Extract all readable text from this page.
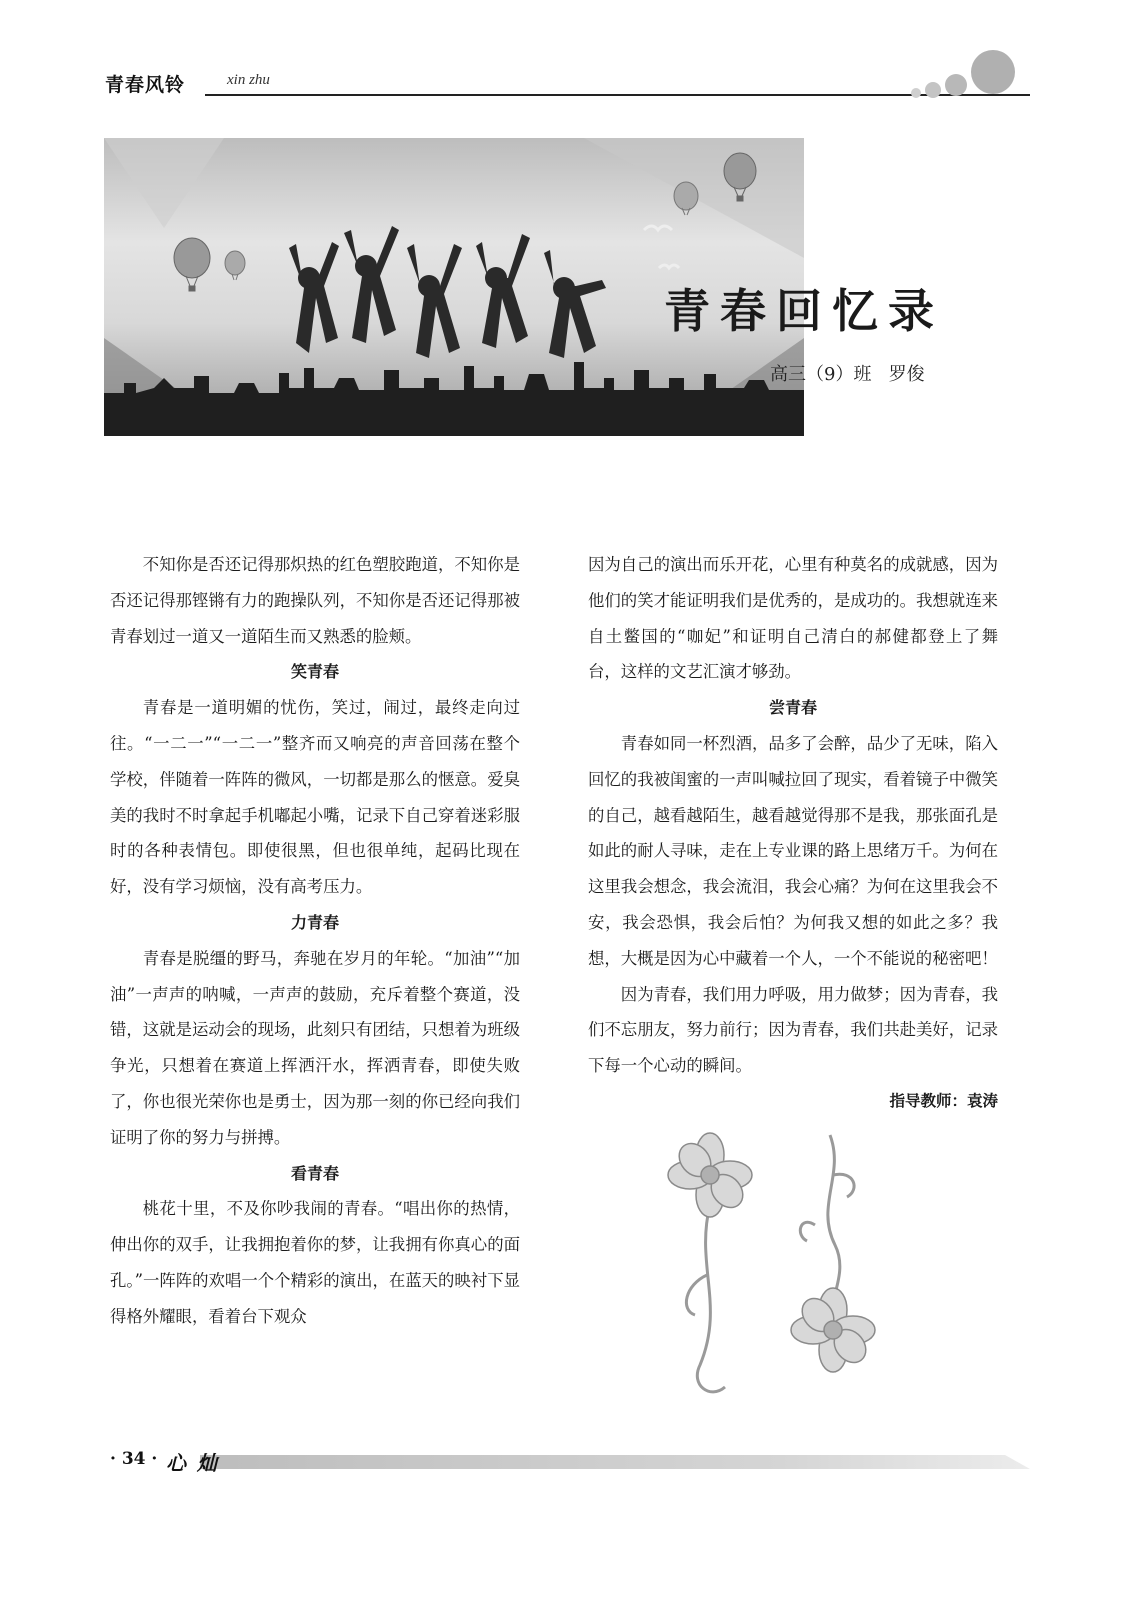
青春风铃	xin zhu
青春回忆录
高三（9）班   罗俊

不知你是否还记得那炽热的红色塑胶跑道，不知你是否还记得那铿锵有力的跑操队列，不知你是否还记得那被青春划过一道又一道陌生而又熟悉的脸颊。

笑青春

青春是一道明媚的忧伤，笑过，闹过，最终走向过往。“一二一”“一二一”整齐而又响亮的声音回荡在整个学校，伴随着一阵阵的微风，一切都是那么的惬意。爱臭美的我时不时拿起手机嘟起小嘴，记录下自己穿着迷彩服时的各种表情包。即使很黑，但也很单纯，起码比现在好，没有学习烦恼，没有高考压力。

力青春

青春是脱缰的野马，奔驰在岁月的年轮。“加油”“加油”一声声的呐喊，一声声的鼓励，充斥着整个赛道，没错，这就是运动会的现场，此刻只有团结，只想着为班级争光，只想着在赛道上挥洒汗水，挥洒青春，即使失败了，你也很光荣你也是勇士，因为那一刻的你已经向我们证明了你的努力与拼搏。

看青春

桃花十里，不及你吵我闹的青春。“唱出你的热情，伸出你的双手，让我拥抱着你的梦，让我拥有你真心的面孔。”一阵阵的欢唱一个个精彩的演出，在蓝天的映衬下显得格外耀眼，看着台下观众

因为自己的演出而乐开花，心里有种莫名的成就感，因为他们的笑才能证明我们是优秀的，是成功的。我想就连来自土鳖国的“咖妃”和证明自己清白的郝健都登上了舞台，这样的文艺汇演才够劲。

尝青春

青春如同一杯烈酒，品多了会醉，品少了无味，陷入回忆的我被闺蜜的一声叫喊拉回了现实，看着镜子中微笑的自己，越看越陌生，越看越觉得那不是我，那张面孔是如此的耐人寻味，走在上专业课的路上思绪万千。为何在这里我会想念，我会流泪，我会心痛？为何在这里我会不安，我会恐惧，我会后怕？为何我又想的如此之多？我想，大概是因为心中藏着一个人，一个不能说的秘密吧！

因为青春，我们用力呼吸，用力做梦；因为青春，我们不忘朋友，努力前行；因为青春，我们共赴美好，记录下每一个心动的瞬间。

指导教师：袁涛
· 34 · 心 灿
